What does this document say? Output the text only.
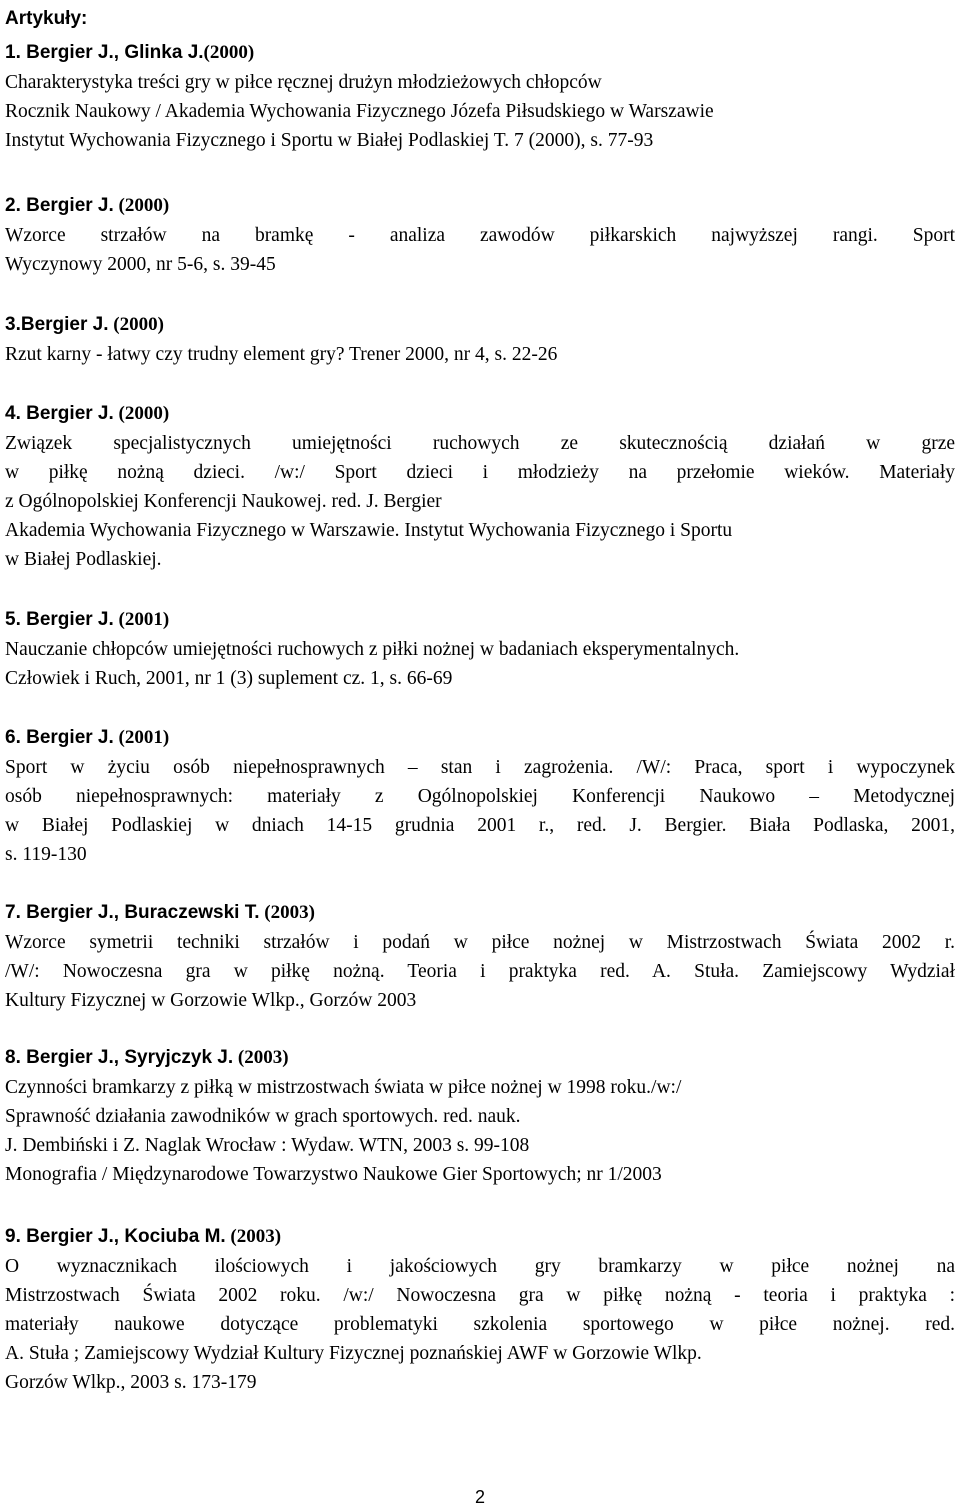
Artykuły:
1. Bergier J., Glinka J.(2000)
Charakterystyka treści gry w piłce ręcznej drużyn młodzieżowych chłopców
Rocznik Naukowy / Akademia Wychowania Fizycznego Józefa Piłsudskiego w Warszawie
Instytut Wychowania Fizycznego i Sportu w Białej Podlaskiej T. 7 (2000), s. 77-93
2. Bergier J. (2000)
Wzorce strzałów na bramkę - analiza zawodów piłkarskich najwyższej rangi. Sport
Wyczynowy 2000, nr 5-6, s. 39-45
3.Bergier J. (2000)
Rzut karny - łatwy czy trudny element gry? Trener 2000, nr 4, s. 22-26
4. Bergier J. (2000)
Związek specjalistycznych umiejętności ruchowych ze skutecznością działań w grze
w piłkę nożną dzieci. /w:/ Sport dzieci i młodzieży na przełomie wieków. Materiały
z Ogólnopolskiej Konferencji Naukowej. red. J. Bergier
Akademia Wychowania Fizycznego w Warszawie. Instytut Wychowania Fizycznego i Sportu
w Białej Podlaskiej.
5. Bergier J. (2001)
Nauczanie chłopców umiejętności ruchowych z piłki nożnej w badaniach eksperymentalnych.
Człowiek i Ruch, 2001, nr 1 (3) suplement cz. 1, s. 66-69
6. Bergier J. (2001)
Sport w życiu osób niepełnosprawnych – stan i zagrożenia. /W/: Praca, sport i wypoczynek
osób niepełnosprawnych: materiały z Ogólnopolskiej Konferencji Naukowo – Metodycznej
w Białej Podlaskiej w dniach 14-15 grudnia 2001 r., red. J. Bergier. Biała Podlaska, 2001,
s. 119-130
7. Bergier J., Buraczewski T. (2003)
Wzorce symetrii techniki strzałów i podań w piłce nożnej w Mistrzostwach Świata 2002 r.
/W/: Nowoczesna gra w piłkę nożną. Teoria i praktyka red. A. Stuła. Zamiejscowy Wydział
Kultury Fizycznej w Gorzowie Wlkp., Gorzów 2003
8. Bergier J., Syryjczyk J. (2003)
Czynności bramkarzy z piłką w mistrzostwach świata w piłce nożnej w 1998 roku./w:/
Sprawność działania zawodników w grach sportowych. red. nauk.
J. Dembiński i Z. Naglak Wrocław : Wydaw. WTN, 2003 s. 99-108
Monografia / Międzynarodowe Towarzystwo Naukowe Gier Sportowych; nr 1/2003
9. Bergier J., Kociuba M. (2003)
O wyznacznikach ilościowych i jakościowych gry bramkarzy w piłce nożnej na
Mistrzostwach Świata 2002 roku. /w:/ Nowoczesna gra w piłkę nożną - teoria i praktyka :
materiały naukowe dotyczące problematyki szkolenia sportowego w piłce nożnej. red.
A. Stuła ; Zamiejscowy Wydział Kultury Fizycznej poznańskiej AWF w Gorzowie Wlkp.
Gorzów Wlkp., 2003 s. 173-179
2
